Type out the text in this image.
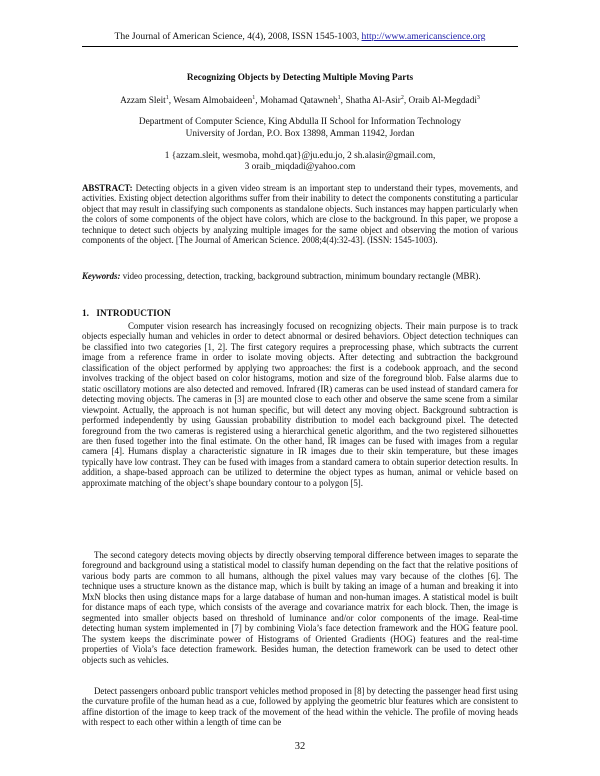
The Journal of American Science, 4(4), 2008, ISSN 1545-1003, http://www.americanscience.org
Recognizing Objects by Detecting Multiple Moving Parts
Azzam Sleit$^1$, Wesam Almobaideen$^1$, Mohamad Qatawneh$^1$, Shatha Al-Asir$^2$, Oraib Al-Megdadi$^3$
Department of Computer Science, King Abdulla II School for Information Technology
University of Jordan, P.O. Box 13898, Amman 11942, Jordan
1 {azzam.sleit, wesmoba, mohd.qat}@ju.edu.jo, 2 sh.alasir@gmail.com,
3 oraib_miqdadi@yahoo.com
ABSTRACT: Detecting objects in a given video stream is an important step to understand their types, movements, and activities. Existing object detection algorithms suffer from their inability to detect the components constituting a particular object that may result in classifying such components as standalone objects. Such instances may happen particularly when the colors of some components of the object have colors, which are close to the background. In this paper, we propose a technique to detect such objects by analyzing multiple images for the same object and observing the motion of various components of the object. [The Journal of American Science. 2008;4(4):32-43]. (ISSN: 1545-1003).
Keywords: video processing, detection, tracking, background subtraction, minimum boundary rectangle (MBR).
1. INTRODUCTION

Computer vision research has increasingly focused on recognizing objects. Their main purpose is to track objects especially human and vehicles in order to detect abnormal or desired behaviors. Object detection techniques can be classified into two categories [1, 2]. The first category requires a preprocessing phase, which subtracts the current image from a reference frame in order to isolate moving objects. After detecting and subtraction the background classification of the object performed by applying two approaches: the first is a codebook approach, and the second involves tracking of the object based on color histograms, motion and size of the foreground blob. False alarms due to static oscillatory motions are also detected and removed. Infrared (IR) cameras can be used instead of standard camera for detecting moving objects. The cameras in [3] are mounted close to each other and observe the same scene from a similar viewpoint. Actually, the approach is not human specific, but will detect any moving object. Background subtraction is performed independently by using Gaussian probability distribution to model each background pixel. The detected foreground from the two cameras is registered using a hierarchical genetic algorithm, and the two registered silhouettes are then fused together into the final estimate. On the other hand, IR images can be fused with images from a regular camera [4]. Humans display a characteristic signature in IR images due to their skin temperature, but these images typically have low contrast. They can be fused with images from a standard camera to obtain superior detection results. In addition, a shape-based approach can be utilized to determine the object types as human, animal or vehicle based on approximate matching of the object’s shape boundary contour to a polygon [5].

The second category detects moving objects by directly observing temporal difference between images to separate the foreground and background using a statistical model to classify human depending on the fact that the relative positions of various body parts are common to all humans, although the pixel values may vary because of the clothes [6]. The technique uses a structure known as the distance map, which is built by taking an image of a human and breaking it into MxN blocks then using distance maps for a large database of human and non-human images. A statistical model is built for distance maps of each type, which consists of the average and covariance matrix for each block. Then, the image is segmented into smaller objects based on threshold of luminance and/or color components of the image. Real-time detecting human system implemented in [7] by combining Viola’s face detection framework and the HOG feature pool. The system keeps the discriminate power of Histograms of Oriented Gradients (HOG) features and the real-time properties of Viola’s face detection framework. Besides human, the detection framework can be used to detect other objects such as vehicles.

Detect passengers onboard public transport vehicles method proposed in [8] by detecting the passenger head first using the curvature profile of the human head as a cue, followed by applying the geometric blur features which are consistent to affine distortion of the image to keep track of the movement of the head within the vehicle. The profile of moving heads with respect to each other within a length of time can be

32
